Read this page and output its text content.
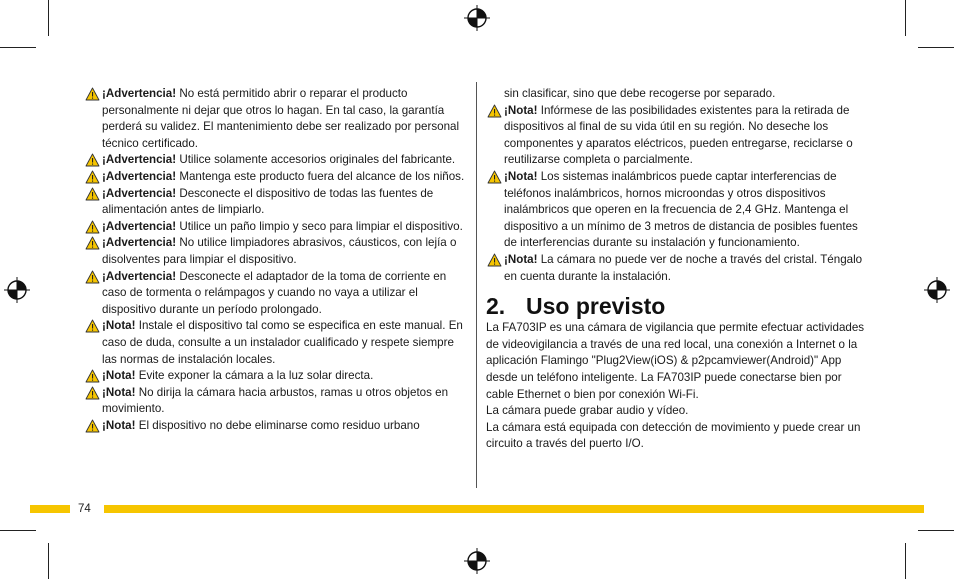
¡Advertencia! No está permitido abrir o reparar el producto personalmente ni dejar que otros lo hagan. En tal caso, la garantía perderá su validez. El mantenimiento debe ser realizado por personal técnico certificado.
¡Advertencia! Utilice solamente accesorios originales del fabricante.
¡Advertencia! Mantenga este producto fuera del alcance de los niños.
¡Advertencia! Desconecte el dispositivo de todas las fuentes de alimentación antes de limpiarlo.
¡Advertencia! Utilice un paño limpio y seco para limpiar el dispositivo.
¡Advertencia! No utilice limpiadores abrasivos, cáusticos, con lejía o disolventes para limpiar el dispositivo.
¡Advertencia! Desconecte el adaptador de la toma de corriente en caso de tormenta o relámpagos y cuando no vaya a utilizar el dispositivo durante un período prolongado.
¡Nota! Instale el dispositivo tal como se especifica en este manual. En caso de duda, consulte a un instalador cualificado y respete siempre las normas de instalación locales.
¡Nota! Evite exponer la cámara a la luz solar directa.
¡Nota! No dirija la cámara hacia arbustos, ramas u otros objetos en movimiento.
¡Nota! El dispositivo no debe eliminarse como residuo urbano
sin clasificar, sino que debe recogerse por separado.
¡Nota! Infórmese de las posibilidades existentes para la retirada de dispositivos al final de su vida útil en su región. No deseche los componentes y aparatos eléctricos, pueden entregarse, reciclarse o reutilizarse completa o parcialmente.
¡Nota! Los sistemas inalámbricos puede captar interferencias de teléfonos inalámbricos, hornos microondas y otros dispositivos inalámbricos que operen en la frecuencia de 2,4 GHz. Mantenga el dispositivo a un mínimo de 3 metros de distancia de posibles fuentes de interferencias durante su instalación y funcionamiento.
¡Nota! La cámara no puede ver de noche a través del cristal. Téngalo en cuenta durante la instalación.
2. Uso previsto

La FA703IP es una cámara de vigilancia que permite efectuar actividades de videovigilancia a través de una red local, una conexión a Internet o la aplicación Flamingo "Plug2View(iOS) & p2pcamviewer(Android)" App desde un teléfono inteligente. La FA703IP puede conectarse bien por cable Ethernet o bien por conexión Wi-Fi.

La cámara puede grabar audio y vídeo.

La cámara está equipada con detección de movimiento y puede crear un circuito a través del puerto I/O.

74
